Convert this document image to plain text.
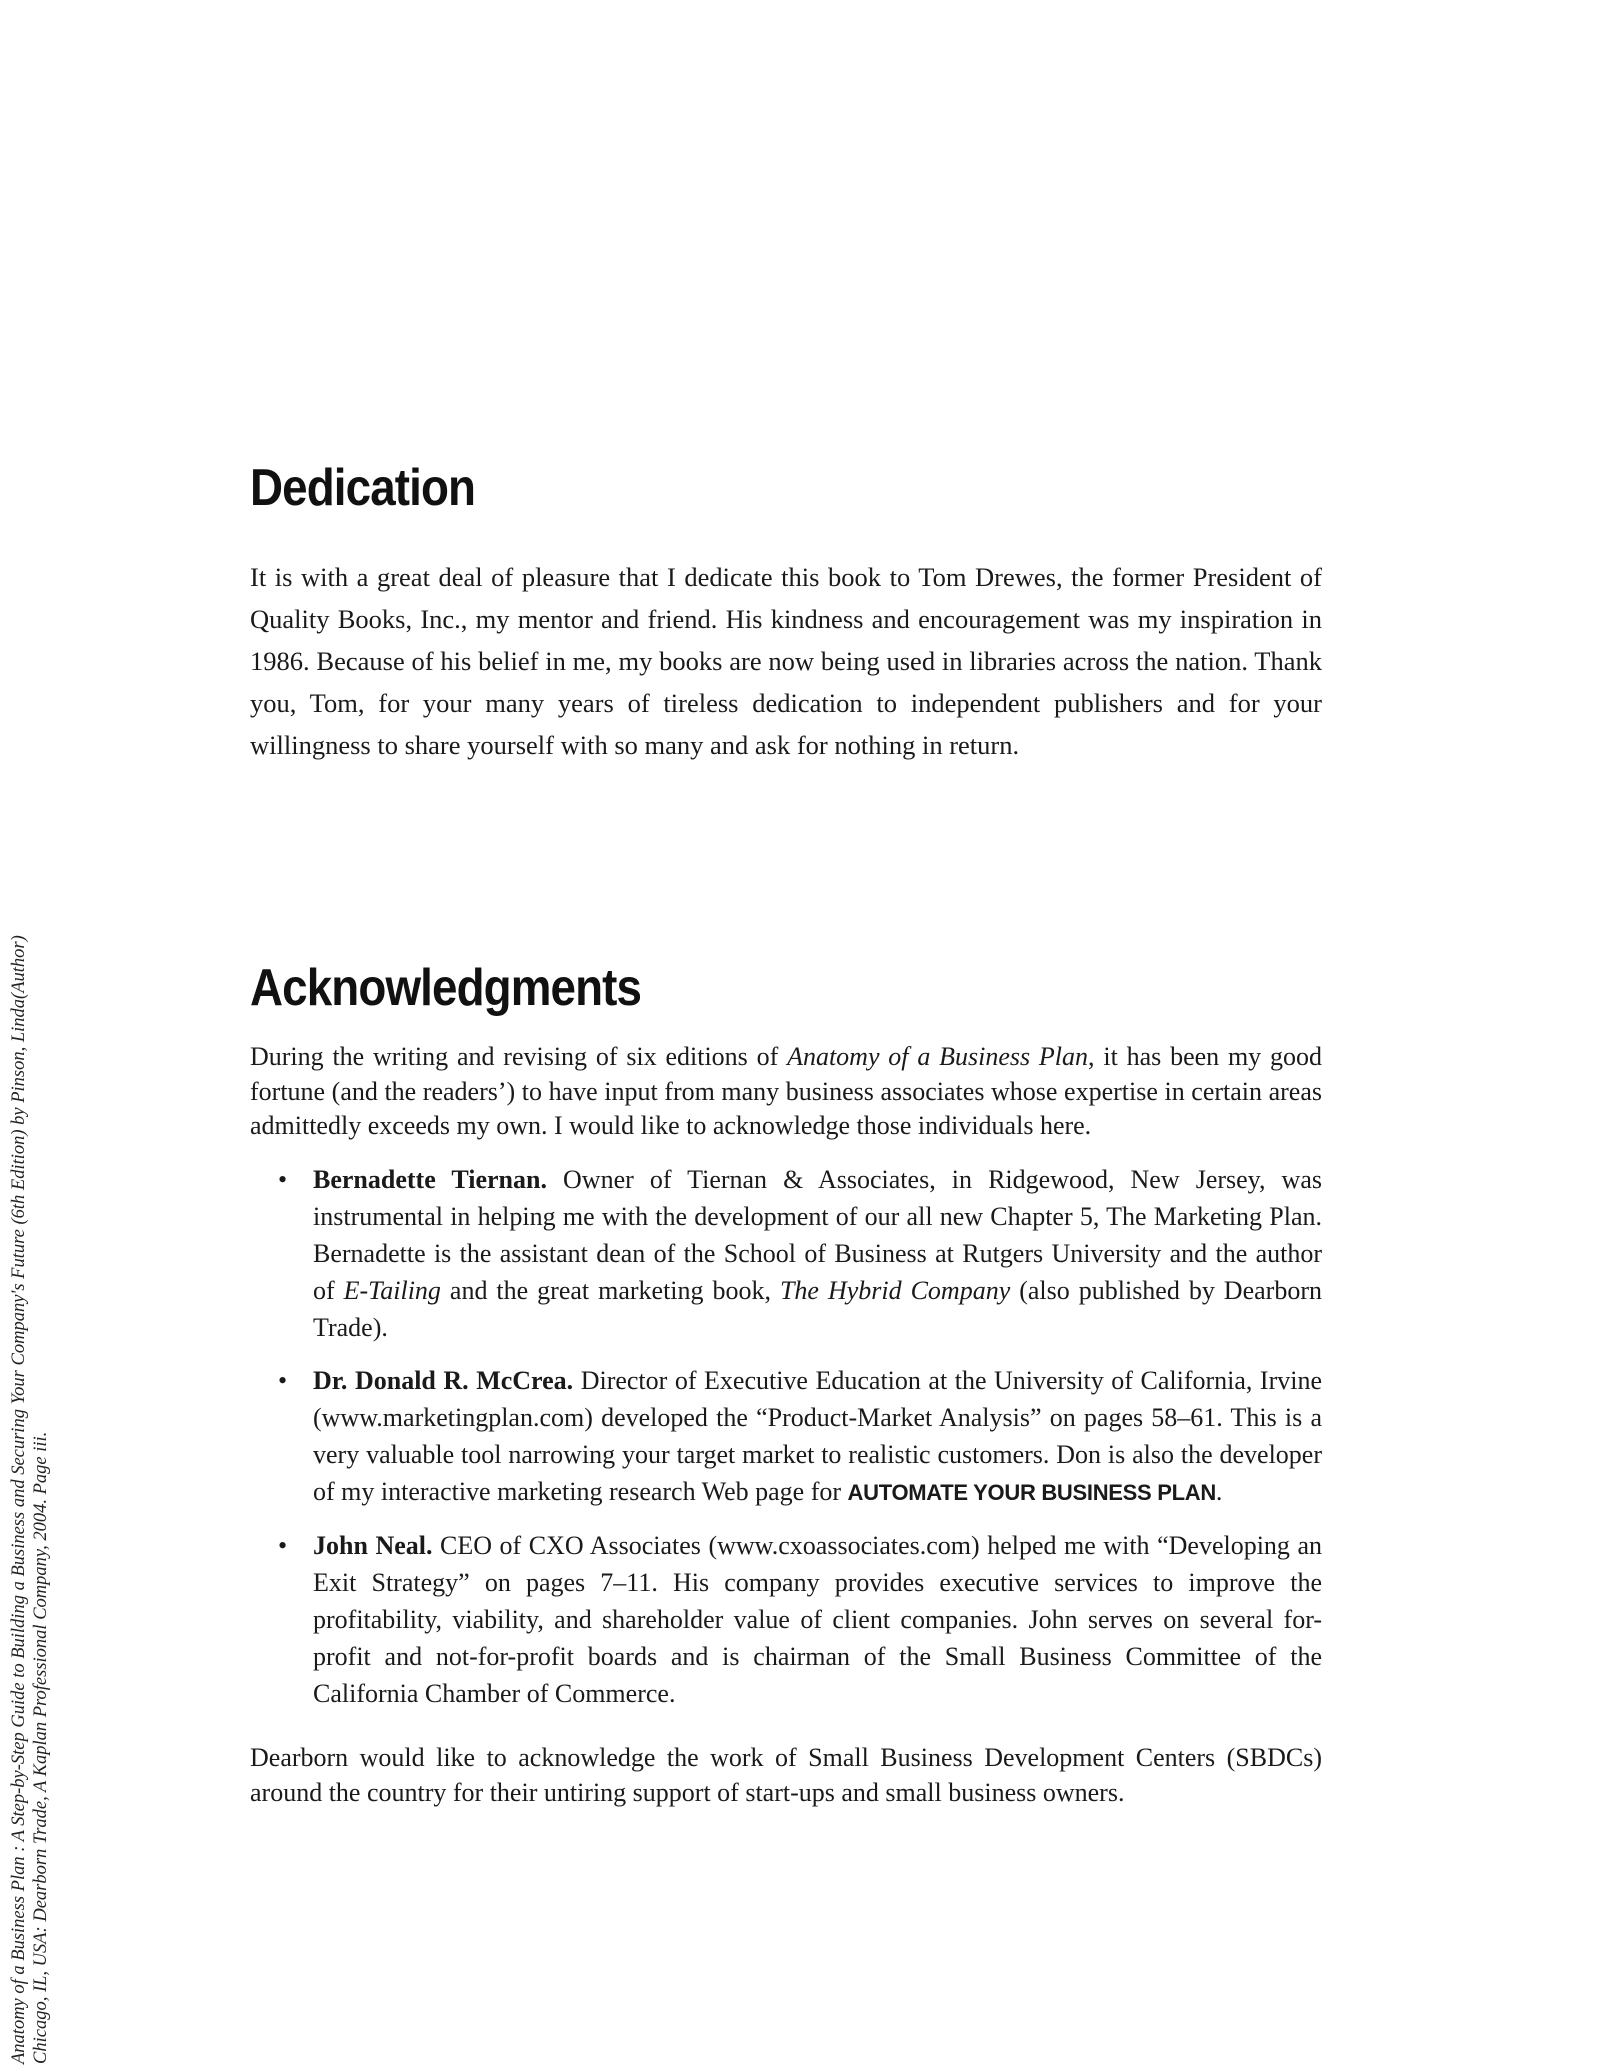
Anatomy of a Business Plan : A Step-by-Step Guide to Building a Business and Securing Your Company's Future (6th Edition) by Pinson, Linda(Author) Chicago, IL, USA: Dearborn Trade, A Kaplan Professional Company, 2004. Page iii.
Dedication

It is with a great deal of pleasure that I dedicate this book to Tom Drewes, the former President of Quality Books, Inc., my mentor and friend. His kindness and encouragement was my inspiration in 1986. Because of his belief in me, my books are now being used in libraries across the nation. Thank you, Tom, for your many years of tireless dedication to independent publishers and for your willingness to share yourself with so many and ask for nothing in return.

Acknowledgments

During the writing and revising of six editions of Anatomy of a Business Plan, it has been my good fortune (and the readers’) to have input from many business associates whose expertise in certain areas admittedly exceeds my own. I would like to acknowledge those individuals here.

• Bernadette Tiernan. Owner of Tiernan & Associates, in Ridgewood, New Jersey, was instrumental in helping me with the development of our all new Chapter 5, The Marketing Plan. Bernadette is the assistant dean of the School of Business at Rutgers University and the author of E-Tailing and the great marketing book, The Hybrid Company (also published by Dearborn Trade).
• Dr. Donald R. McCrea. Director of Executive Education at the University of California, Irvine (www.marketingplan.com) developed the “Product-Market Analysis” on pages 58–61. This is a very valuable tool narrowing your target market to realistic customers. Don is also the developer of my interactive marketing research Web page for AUTOMATE YOUR BUSINESS PLAN.
• John Neal. CEO of CXO Associates (www.cxoassociates.com) helped me with “Developing an Exit Strategy” on pages 7–11. His company provides executive services to improve the profitability, viability, and shareholder value of client companies. John serves on several for-profit and not-for-profit boards and is chairman of the Small Business Committee of the California Chamber of Commerce.

Dearborn would like to acknowledge the work of Small Business Development Centers (SBDCs) around the country for their untiring support of start-ups and small business owners.
